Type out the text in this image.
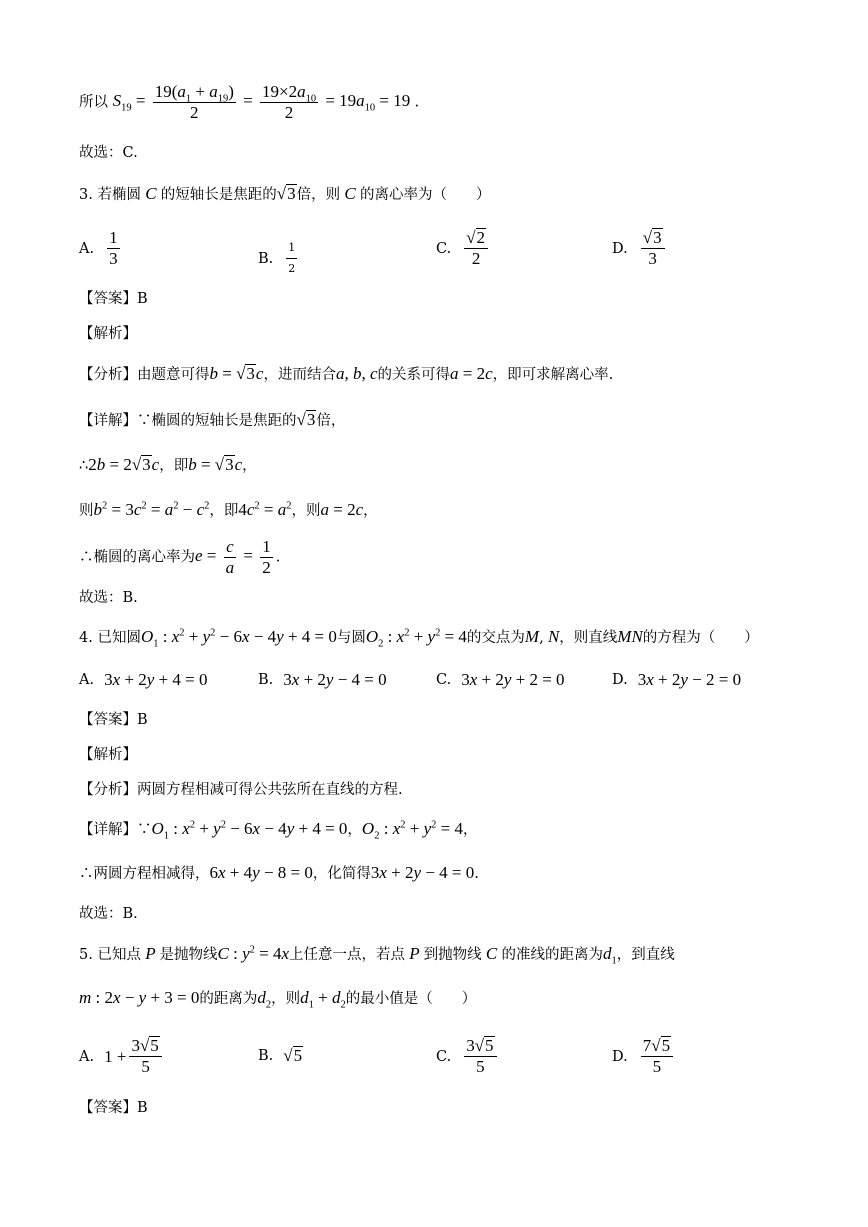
所以 $S_{19} = \frac{19(a_1 + a_{19})}{2} = \frac{19\times 2a_{10}}{2} = 19a_{10} = 19$ .
故选：C.
3. 若椭圆 C 的短轴长是焦距的√3倍，则 C 的离心率为（　　）
A. $\frac{1}{3}$	B. $\frac{1}{2}$	C. $\frac{√2}{2}$	D. $\frac{√3}{3}$
【答案】B
【解析】
【分析】由题意可得b = √3c，进而结合a, b, c的关系可得a = 2c，即可求解离心率.
【详解】∵椭圆的短轴长是焦距的√3倍，
∴2b = 2√3c，即b = √3c，
则$b^2 = 3c^2 = a^2 - c^2$，即$4c^2 = a^2$，则a = 2c，
∴椭圆的离心率为$e = \frac{c}{a} = \frac{1}{2}$ .
故选：B.
4. 已知圆$O_1$ : $x^2 + y^2 - 6x - 4y + 4 = 0$与圆$O_2$ : $x^2 + y^2 = 4$的交点为M, N，则直线MN的方程为（　　）
A. 3x + 2y + 4 = 0	B. 3x + 2y − 4 = 0	C. 3x + 2y + 2 = 0	D. 3x + 2y − 2 = 0
【答案】B
【解析】
【分析】两圆方程相减可得公共弦所在直线的方程.
【详解】$\because O_1$ : $x^2 + y^2 - 6x - 4y + 4 = 0$，$O_2$ : $x^2 + y^2 = 4$，
∴两圆方程相减得，6x + 4y − 8 = 0，化简得3x + 2y − 4 = 0.
故选：B.
5. 已知点 P 是抛物线C : $y^2 = 4x$上任意一点，若点 P 到抛物线 C 的准线的距离为$d_1$，到直线
m : 2x − y + 3 = 0的距离为$d_2$，则$d_1 + d_2$的最小值是（　　）
A. $1 + \frac{3√5}{5}$	B. √5	C. $\frac{3√5}{5}$	D. $\frac{7√5}{5}$
【答案】B
